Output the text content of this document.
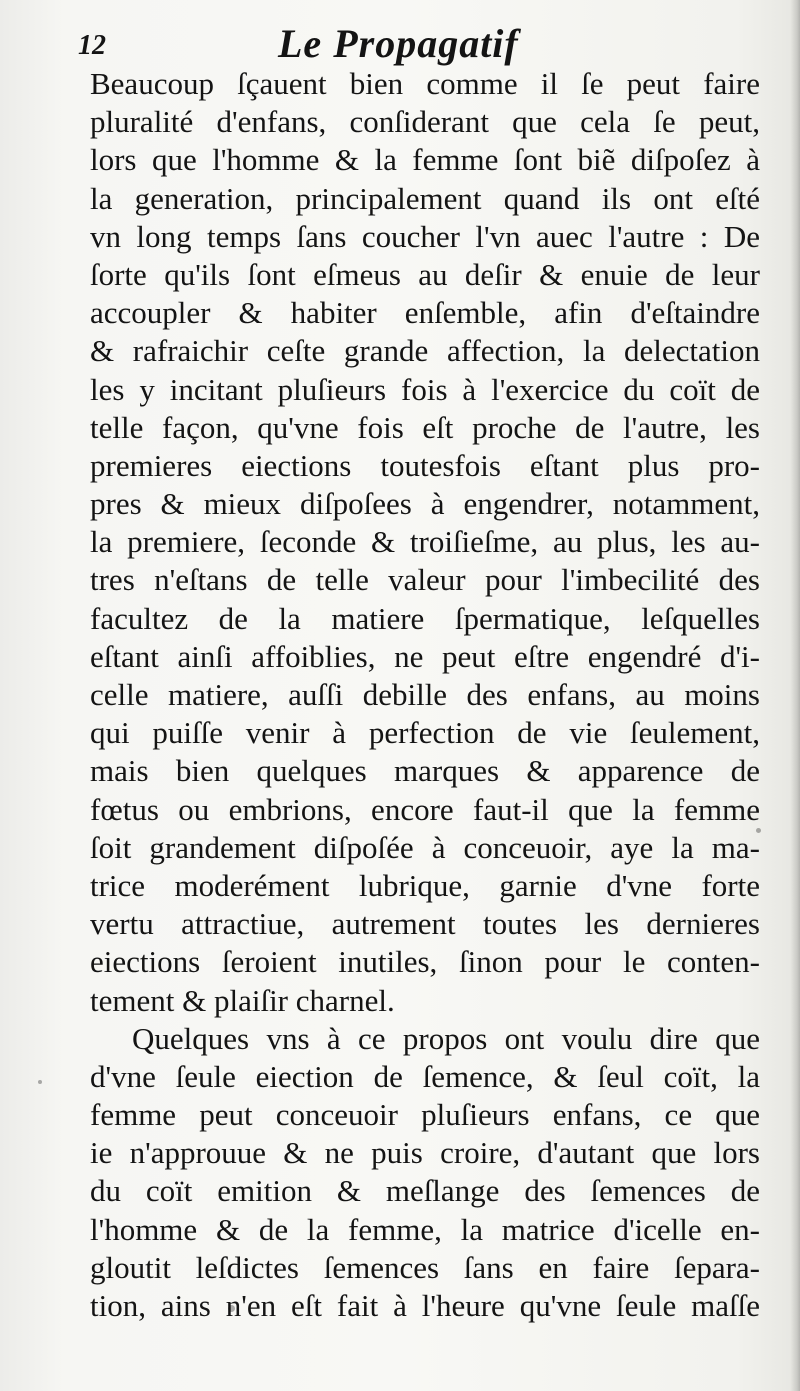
12	Le Propagatif
Beaucoup ſçauent bien comme il ſe peut faire
pluralité d'enfans, conſiderant que cela ſe peut,
lors que l'homme & la femme ſont biẽ diſpoſez à
la generation, principalement quand ils ont eſté
vn long temps ſans coucher l'vn auec l'autre : De
ſorte qu'ils ſont eſmeus au deſir & enuie de leur
accoupler & habiter enſemble, afin d'eſtaindre
& rafraichir ceſte grande affection, la delectation
les y incitant pluſieurs fois à l'exercice du coït de
telle façon, qu'vne fois eſt proche de l'autre, les
premieres eiections toutesfois eſtant plus pro-
pres & mieux diſpoſees à engendrer, notamment,
la premiere, ſeconde & troiſieſme, au plus, les au-
tres n'eſtans de telle valeur pour l'imbecilité des
facultez de la matiere ſpermatique, leſquelles
eſtant ainſi affoiblies, ne peut eſtre engendré d'i-
celle matiere, auſſi debille des enfans, au moins
qui puiſſe venir à perfection de vie ſeulement,
mais bien quelques marques & apparence de
fœtus ou embrions, encore faut-il que la femme
ſoit grandement diſpoſée à conceuoir, aye la ma-
trice moderément lubrique, garnie d'vne forte
vertu attractiue, autrement toutes les dernieres
eiections ſeroient inutiles, ſinon pour le conten-
tement & plaiſir charnel.
Quelques vns à ce propos ont voulu dire que
d'vne ſeule eiection de ſemence, & ſeul coït, la
femme peut conceuoir pluſieurs enfans, ce que
ie n'approuue & ne puis croire, d'autant que lors
du coït emition & meſlange des ſemences de
l'homme & de la femme, la matrice d'icelle en-
gloutit leſdictes ſemences ſans en faire ſepara-
tion, ains n'en eſt fait à l'heure qu'vne ſeule maſſe
